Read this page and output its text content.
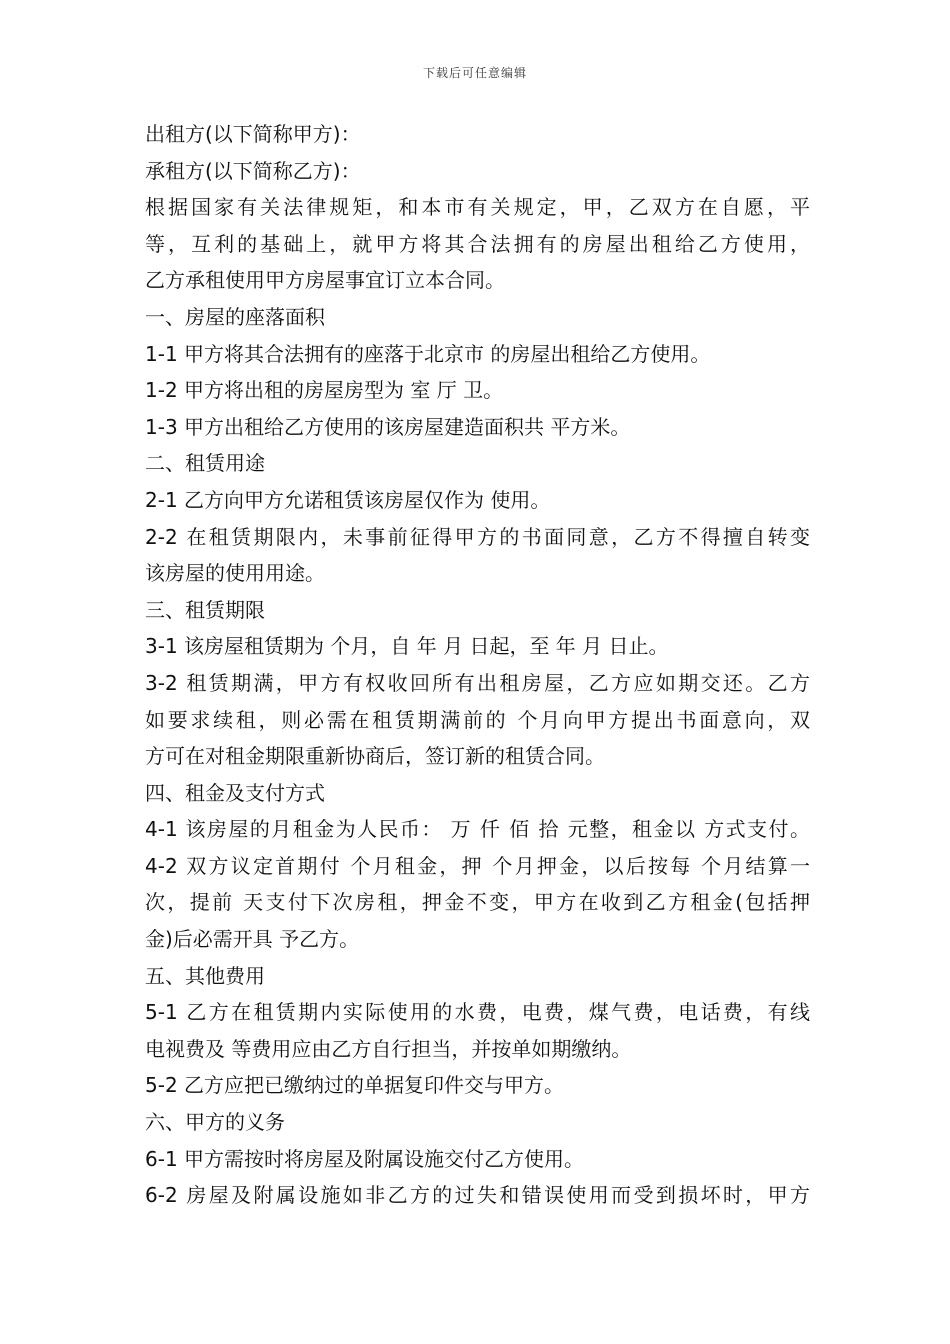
下载后可任意编辑
出租方(以下简称甲方)：
承租方(以下简称乙方)：
根据国家有关法律规矩，和本市有关规定，甲，乙双方在自愿，平
等，互利的基础上，就甲方将其合法拥有的房屋出租给乙方使用，
乙方承租使用甲方房屋事宜订立本合同。
一、房屋的座落面积
1-1 甲方将其合法拥有的座落于北京市 的房屋出租给乙方使用。
1-2 甲方将出租的房屋房型为 室 厅 卫。
1-3 甲方出租给乙方使用的该房屋建造面积共 平方米。
二、租赁用途
2-1 乙方向甲方允诺租赁该房屋仅作为 使用。
2-2 在租赁期限内，未事前征得甲方的书面同意，乙方不得擅自转变
该房屋的使用用途。
三、租赁期限
3-1 该房屋租赁期为 个月，自 年 月 日起，至 年 月 日止。
3-2 租赁期满，甲方有权收回所有出租房屋，乙方应如期交还。乙方
如要求续租，则必需在租赁期满前的 个月向甲方提出书面意向，双
方可在对租金期限重新协商后，签订新的租赁合同。
四、租金及支付方式
4-1 该房屋的月租金为人民币： 万 仟 佰 拾 元整，租金以 方式支付。
4-2 双方议定首期付 个月租金，押 个月押金，以后按每 个月结算一
次，提前 天支付下次房租，押金不变，甲方在收到乙方租金(包括押
金)后必需开具 予乙方。
五、其他费用
5-1 乙方在租赁期内实际使用的水费，电费，煤气费，电话费，有线
电视费及 等费用应由乙方自行担当，并按单如期缴纳。
5-2 乙方应把已缴纳过的单据复印件交与甲方。
六、甲方的义务
6-1 甲方需按时将房屋及附属设施交付乙方使用。
6-2 房屋及附属设施如非乙方的过失和错误使用而受到损坏时，甲方
